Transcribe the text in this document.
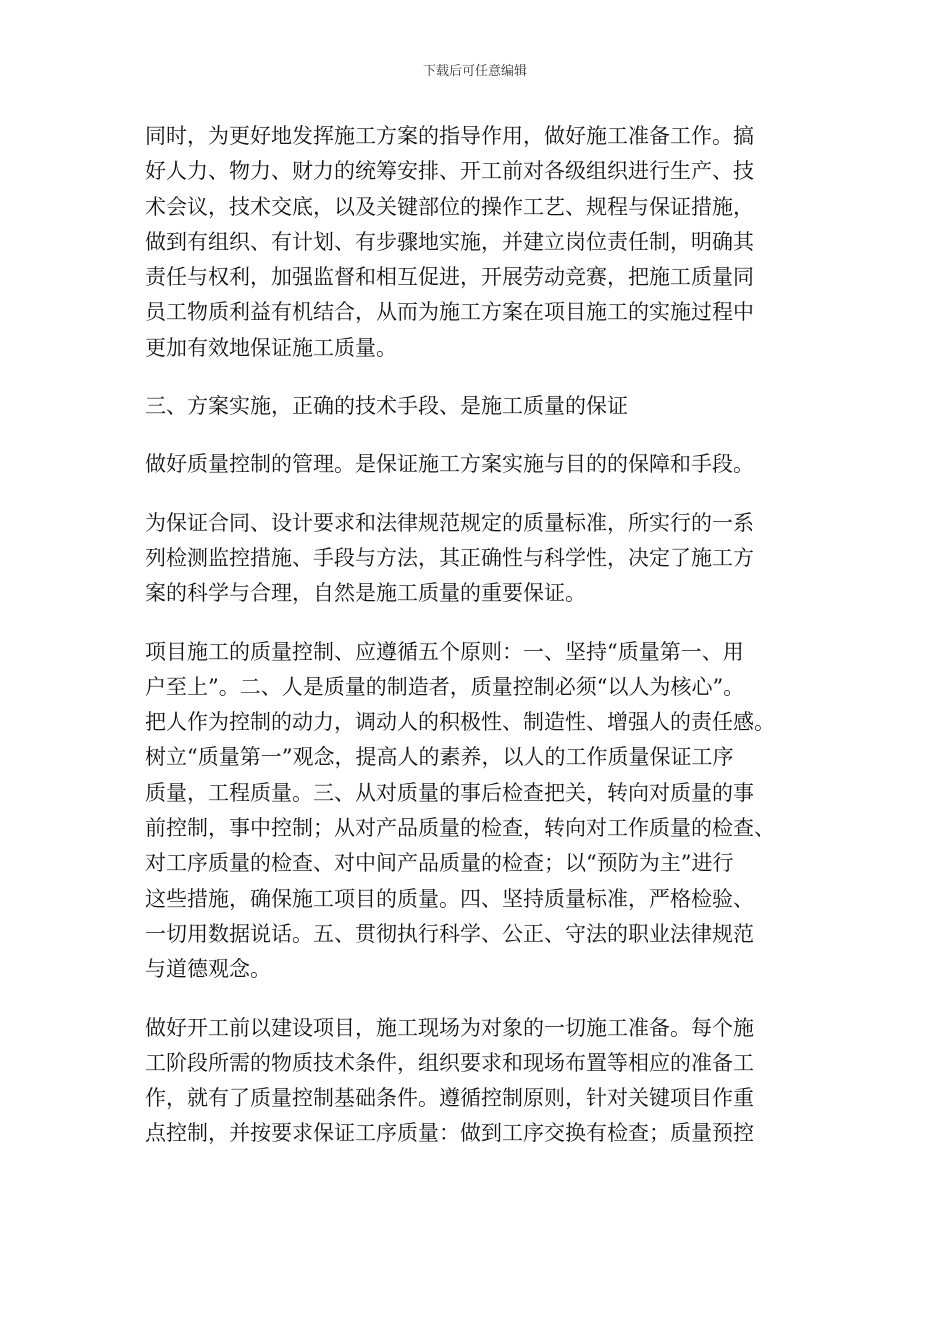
下载后可任意编辑

同时，为更好地发挥施工方案的指导作用，做好施工准备工作。搞
好人力、物力、财力的统筹安排、开工前对各级组织进行生产、技
术会议，技术交底，以及关键部位的操作工艺、规程与保证措施，
做到有组织、有计划、有步骤地实施，并建立岗位责任制，明确其
责任与权利，加强监督和相互促进，开展劳动竞赛，把施工质量同
员工物质利益有机结合，从而为施工方案在项目施工的实施过程中
更加有效地保证施工质量。

三、方案实施，正确的技术手段、是施工质量的保证

做好质量控制的管理。是保证施工方案实施与目的的保障和手段。

为保证合同、设计要求和法律规范规定的质量标准，所实行的一系
列检测监控措施、手段与方法，其正确性与科学性，决定了施工方
案的科学与合理，自然是施工质量的重要保证。

项目施工的质量控制、应遵循五个原则：一、坚持“质量第一、用
户至上”。二、人是质量的制造者，质量控制必须“以人为核心”。
把人作为控制的动力，调动人的积极性、制造性、增强人的责任感。
树立“质量第一”观念，提高人的素养，以人的工作质量保证工序
质量，工程质量。三、从对质量的事后检查把关，转向对质量的事
前控制，事中控制；从对产品质量的检查，转向对工作质量的检查、
对工序质量的检查、对中间产品质量的检查；以“预防为主”进行
这些措施，确保施工项目的质量。四、坚持质量标准，严格检验、
一切用数据说话。五、贯彻执行科学、公正、守法的职业法律规范
与道德观念。

做好开工前以建设项目，施工现场为对象的一切施工准备。每个施
工阶段所需的物质技术条件，组织要求和现场布置等相应的准备工
作，就有了质量控制基础条件。遵循控制原则，针对关键项目作重
点控制，并按要求保证工序质量：做到工序交换有检查；质量预控
